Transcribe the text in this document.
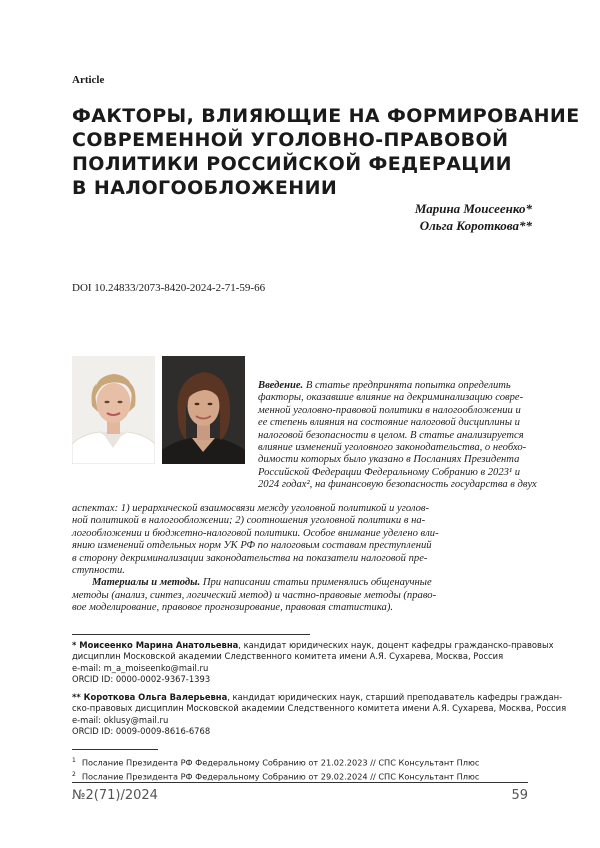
Article
ФАКТОРЫ, ВЛИЯЮЩИЕ НА ФОРМИРОВАНИЕ
СОВРЕМЕННОЙ УГОЛОВНО-ПРАВОВОЙ
ПОЛИТИКИ РОССИЙСКОЙ ФЕДЕРАЦИИ
В НАЛОГООБЛОЖЕНИИ
Марина Моисеенко*
Ольга Короткова**
DOI 10.24833/2073-8420-2024-2-71-59-66
Введение. В статье предпринята попытка определить
факторы, оказавшие влияние на декриминализацию совре-
менной уголовно-правовой политики в налогообложении и
ее степень влияния на состояние налоговой дисциплины и
налоговой безопасности в целом. В статье анализируется
влияние изменений уголовного законодательства, о необхо-
димости которых было указано в Посланиях Президента
Российской Федерации Федеральному Собранию в 2023¹ и
2024 годах², на финансовую безопасность государства в двух
аспектах: 1) иерархической взаимосвязи между уголовной политикой и уголов-
ной политикой в налогообложении; 2) соотношения уголовной политики в на-
логообложении и бюджетно-налоговой политики. Особое внимание уделено вли-
янию изменений отдельных норм УК РФ по налоговым составам преступлений
в сторону декриминализации законодательства на показатели налоговой пре-
ступности.
Материалы и методы. При написании статьи применялись общенаучные
методы (анализ, синтез, логический метод) и частно-правовые методы (право-
вое моделирование, правовое прогнозирование, правовая статистика).
* Моисеенко Марина Анатольевна, кандидат юридических наук, доцент кафедры гражданско-правовых
дисциплин Московской академии Следственного комитета имени А.Я. Сухарева, Москва, Россия
e-mail: m_a_moiseenko@mail.ru
ORCID ID: 0000-0002-9367-1393
** Короткова Ольга Валерьевна, кандидат юридических наук, старший преподаватель кафедры граждан-
ско-правовых дисциплин Московской академии Следственного комитета имени А.Я. Сухарева, Москва, Россия
e-mail: oklusy@mail.ru
ORCID ID: 0009-0009-8616-6768
$^1$ Послание Президента РФ Федеральному Собранию от 21.02.2023 // СПС Консультант Плюс
$^2$ Послание Президента РФ Федеральному Собранию от 29.02.2024 // СПС Консультант Плюс
№2(71)/2024	59
